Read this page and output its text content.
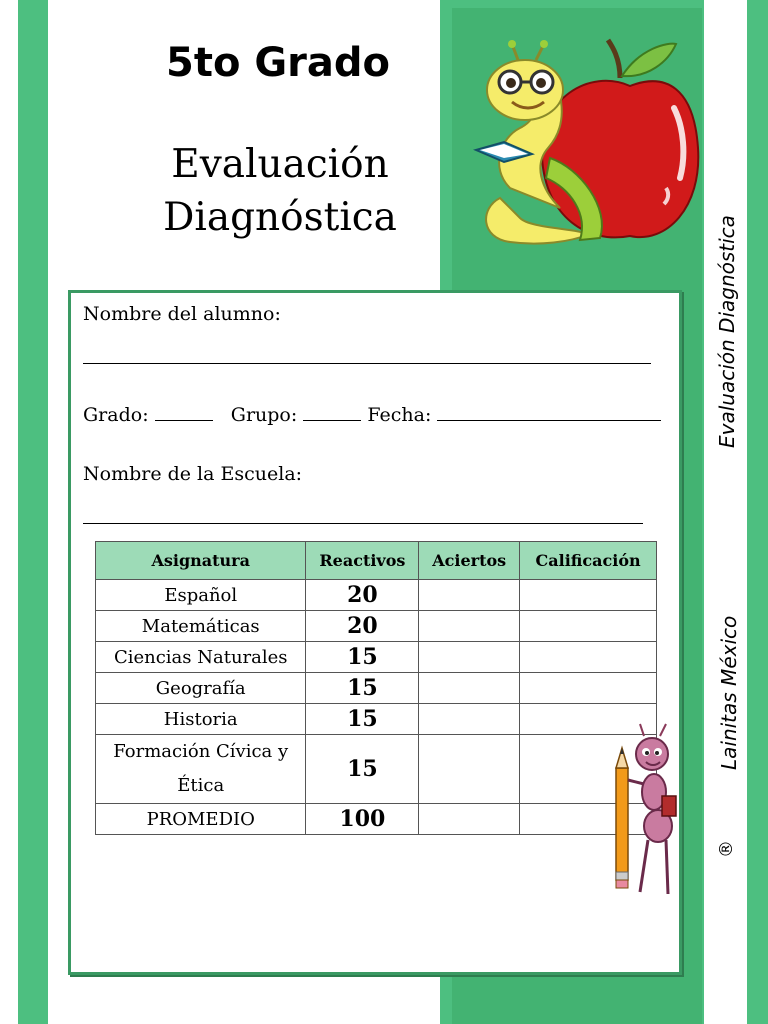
5to Grado
Evaluación
Diagnóstica	Evaluación Diagnóstica
Lainitas México
®
Nombre del alumno:
Grado:	Grupo:	Fecha:
Nombre de la Escuela:
Asignatura	Reactivos	Aciertos	Calificación
Español	20		
Matemáticas	20		
Ciencias Naturales	15		
Geografía	15		
Historia	15		
Formación Cívica y
Ética	15		
PROMEDIO	100		
